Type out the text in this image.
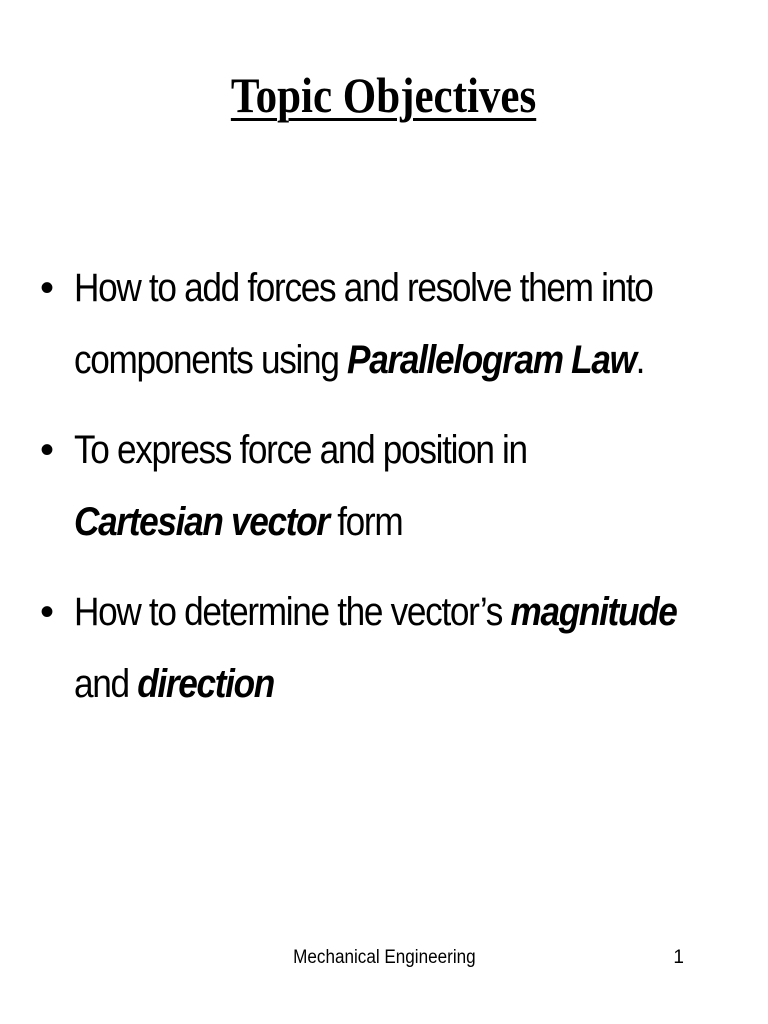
Topic Objectives
• How to add forces and resolve them into
components using Parallelogram Law.
• To express force and position in
Cartesian vector form
• How to determine the vector’s magnitude
and direction
Mechanical Engineering	1
